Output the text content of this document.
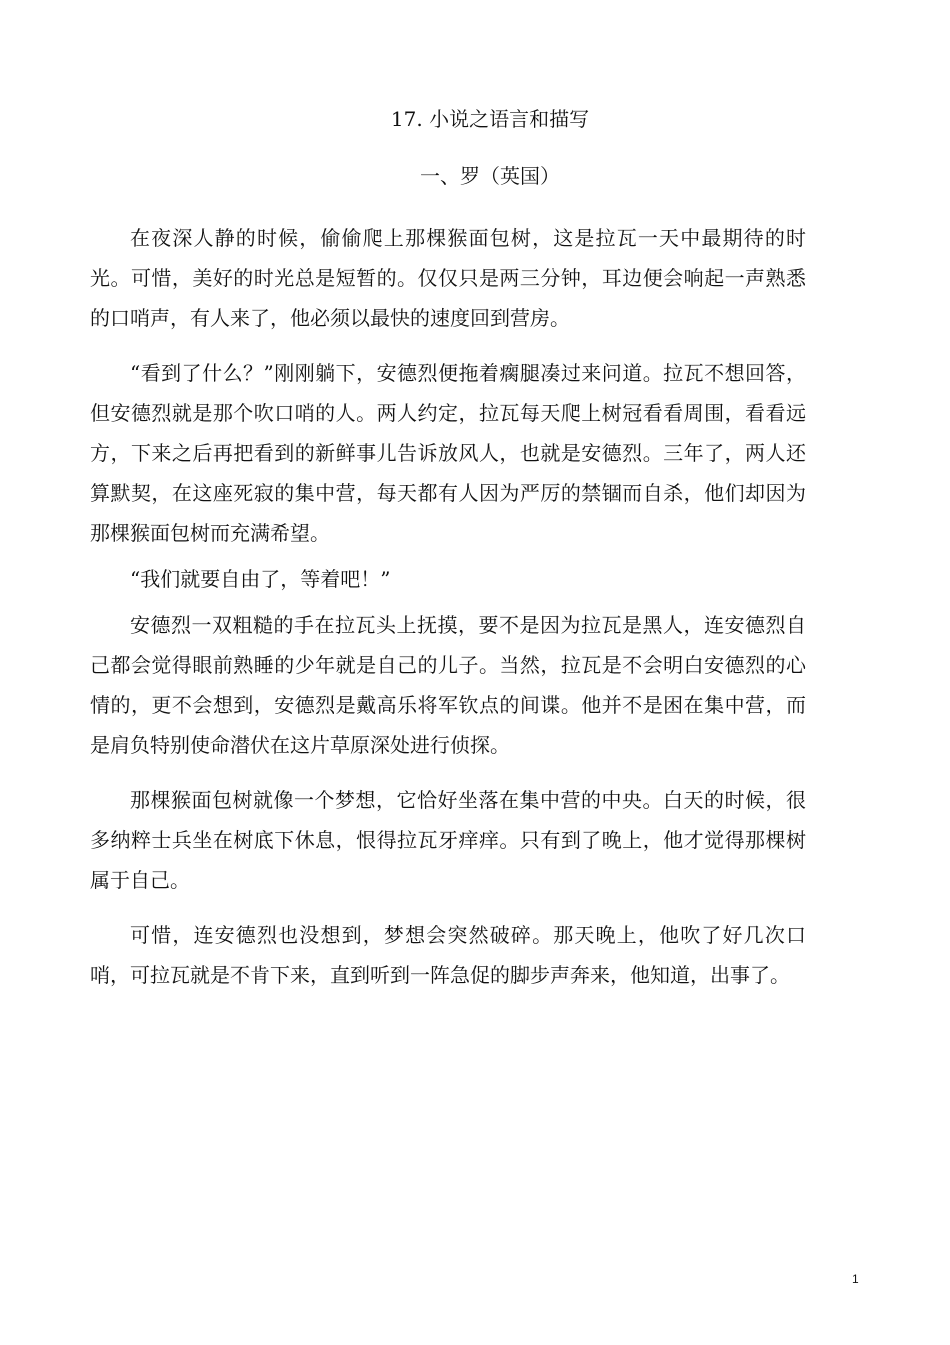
17. 小说之语言和描写
一、罗（英国）

在夜深人静的时候，偷偷爬上那棵猴面包树，这是拉瓦一天中最期待的时光。可惜，美好的时光总是短暂的。仅仅只是两三分钟，耳边便会响起一声熟悉的口哨声，有人来了，他必须以最快的速度回到营房。

“看到了什么？”刚刚躺下，安德烈便拖着瘸腿凑过来问道。拉瓦不想回答，但安德烈就是那个吹口哨的人。两人约定，拉瓦每天爬上树冠看看周围，看看远方，下来之后再把看到的新鲜事儿告诉放风人，也就是安德烈。三年了，两人还算默契，在这座死寂的集中营，每天都有人因为严厉的禁锢而自杀，他们却因为那棵猴面包树而充满希望。

“我们就要自由了，等着吧！”

安德烈一双粗糙的手在拉瓦头上抚摸，要不是因为拉瓦是黑人，连安德烈自己都会觉得眼前熟睡的少年就是自己的儿子。当然，拉瓦是不会明白安德烈的心情的，更不会想到，安德烈是戴高乐将军钦点的间谍。他并不是困在集中营，而是肩负特别使命潜伏在这片草原深处进行侦探。

那棵猴面包树就像一个梦想，它恰好坐落在集中营的中央。白天的时候，很多纳粹士兵坐在树底下休息，恨得拉瓦牙痒痒。只有到了晚上，他才觉得那棵树属于自己。

可惜，连安德烈也没想到，梦想会突然破碎。那天晚上，他吹了好几次口哨，可拉瓦就是不肯下来，直到听到一阵急促的脚步声奔来，他知道，出事了。

1
